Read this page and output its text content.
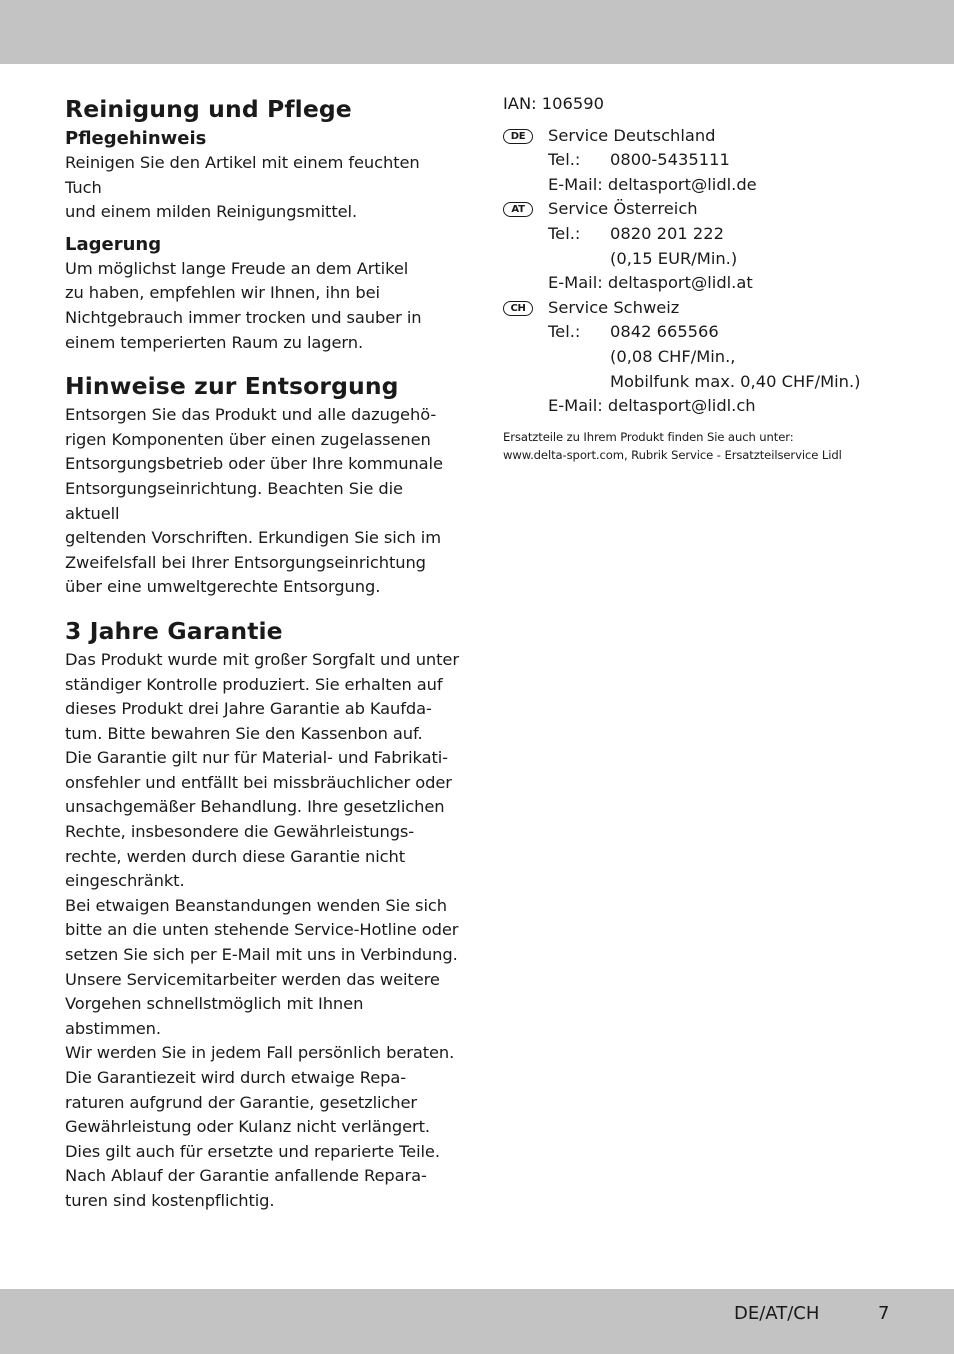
Reinigung und Pflege
Pflegehinweis

Reinigen Sie den Artikel mit einem feuchten Tuch
und einem milden Reinigungsmittel.

Lagerung

Um möglichst lange Freude an dem Artikel
zu haben, empfehlen wir Ihnen, ihn bei
Nichtgebrauch immer trocken und sauber in
einem temperierten Raum zu lagern.

Hinweise zur Entsorgung

Entsorgen Sie das Produkt und alle dazugehö-
rigen Komponenten über einen zugelassenen
Entsorgungsbetrieb oder über Ihre kommunale
Entsorgungseinrichtung. Beachten Sie die aktuell
geltenden Vorschriften. Erkundigen Sie sich im
Zweifelsfall bei Ihrer Entsorgungseinrichtung
über eine umweltgerechte Entsorgung.

3 Jahre Garantie

Das Produkt wurde mit großer Sorgfalt und unter
ständiger Kontrolle produziert. Sie erhalten auf
dieses Produkt drei Jahre Garantie ab Kaufda-
tum. Bitte bewahren Sie den Kassenbon auf.
Die Garantie gilt nur für Material- und Fabrikati-
onsfehler und entfällt bei missbräuchlicher oder
unsachgemäßer Behandlung. Ihre gesetzlichen
Rechte, insbesondere die Gewährleistungs-
rechte, werden durch diese Garantie nicht
eingeschränkt.
Bei etwaigen Beanstandungen wenden Sie sich
bitte an die unten stehende Service-Hotline oder
setzen Sie sich per E-Mail mit uns in Verbindung.
Unsere Servicemitarbeiter werden das weitere
Vorgehen schnellstmöglich mit Ihnen abstimmen.
Wir werden Sie in jedem Fall persönlich beraten.
Die Garantiezeit wird durch etwaige Repa-
raturen aufgrund der Garantie, gesetzlicher
Gewährleistung oder Kulanz nicht verlängert.
Dies gilt auch für ersetzte und reparierte Teile.
Nach Ablauf der Garantie anfallende Repara-
turen sind kostenpflichtig.

IAN: 106590
DE	Service Deutschland
Tel.: 0800-5435111
E-Mail: deltasport@lidl.de
AT	Service Österreich
Tel.: 0820 201 222
(0,15 EUR/Min.)
E-Mail: deltasport@lidl.at
CH	Service Schweiz
Tel.: 0842 665566
(0,08 CHF/Min.,
Mobilfunk max. 0,40 CHF/Min.)
E-Mail: deltasport@lidl.ch
Ersatzteile zu Ihrem Produkt finden Sie auch unter:
www.delta-sport.com, Rubrik Service - Ersatzteilservice Lidl
DE/AT/CH	7
